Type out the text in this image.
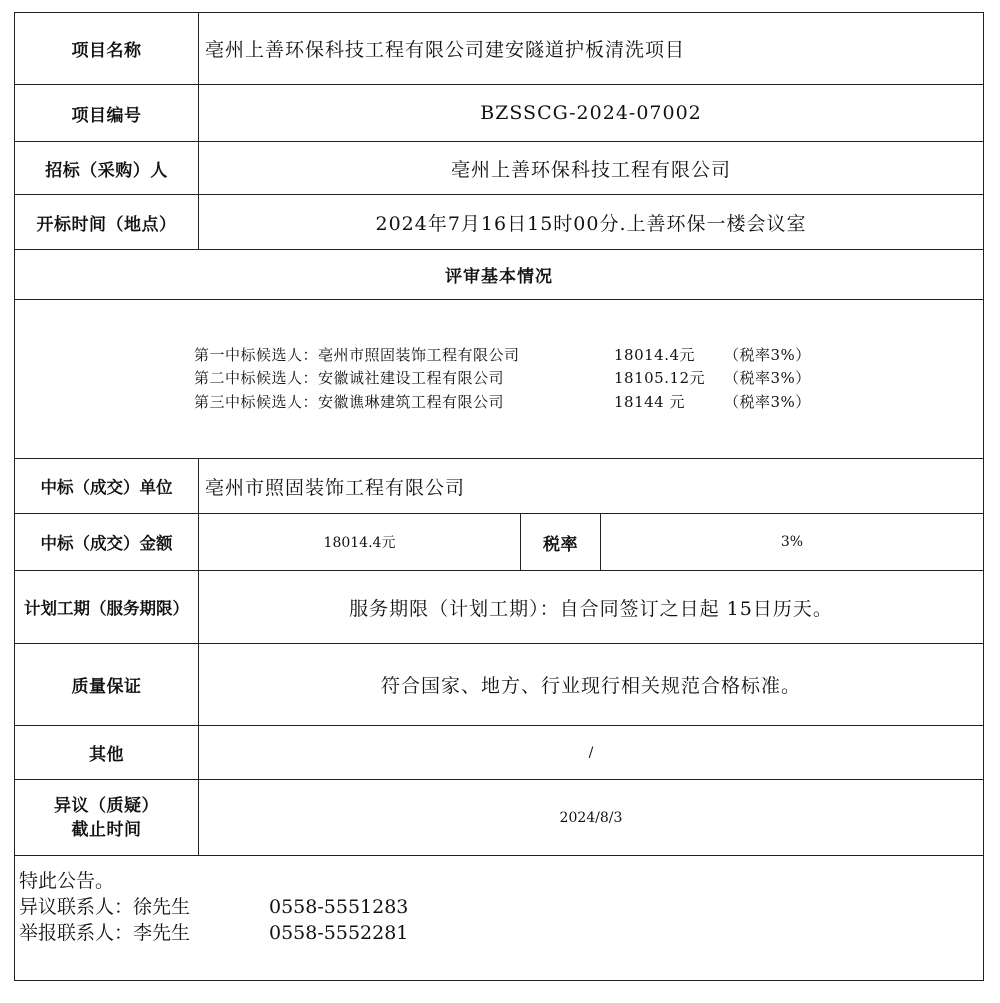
项目名称	亳州上善环保科技工程有限公司建安隧道护板清洗项目		
项目编号	BZSSCG-2024-07002		
招标（采购）人	亳州上善环保科技工程有限公司		
开标时间（地点）	2024年7月16日15时00分.上善环保一楼会议室		
评审基本情况			

第一中标候选人：亳州市照固装饰工程有限公司 18014.4元 （税率3%）
第二中标候选人：安徽诚社建设工程有限公司 18105.12元 （税率3%）
第三中标候选人：安徽谯琳建筑工程有限公司 18144 元 （税率3%）			

中标（成交）单位	亳州市照固装饰工程有限公司		
中标（成交）金额	18014.4元	税率	3%
计划工期（服务期限）	服务期限（计划工期）：自合同签订之日起 15日历天。		
质量保证	符合国家、地方、行业现行相关规范合格标准。		
其他	/		

异议（质疑）
截止时间	2024/8/3		

特此公告。
异议联系人：徐先生 0558-5551283
举报联系人：李先生 0558-5552281			
